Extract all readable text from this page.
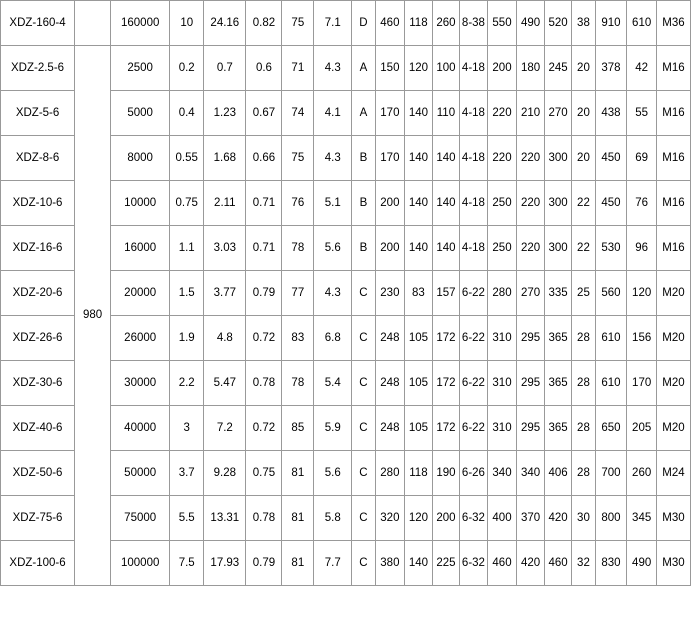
XDZ-160-4		160000	10	24.16	0.82	75	7.1	D	460	118	260	8-38	550	490	520	38	910	610	M36
XDZ-2.5-6	980	2500	0.2	0.7	0.6	71	4.3	A	150	120	100	4-18	200	180	245	20	378	42	M16
XDZ-5-6		5000	0.4	1.23	0.67	74	4.1	A	170	140	110	4-18	220	210	270	20	438	55	M16
XDZ-8-6		8000	0.55	1.68	0.66	75	4.3	B	170	140	140	4-18	220	220	300	20	450	69	M16
XDZ-10-6		10000	0.75	2.11	0.71	76	5.1	B	200	140	140	4-18	250	220	300	22	450	76	M16
XDZ-16-6		16000	1.1	3.03	0.71	78	5.6	B	200	140	140	4-18	250	220	300	22	530	96	M16
XDZ-20-6		20000	1.5	3.77	0.79	77	4.3	C	230	83	157	6-22	280	270	335	25	560	120	M20
XDZ-26-6		26000	1.9	4.8	0.72	83	6.8	C	248	105	172	6-22	310	295	365	28	610	156	M20
XDZ-30-6		30000	2.2	5.47	0.78	78	5.4	C	248	105	172	6-22	310	295	365	28	610	170	M20
XDZ-40-6		40000	3	7.2	0.72	85	5.9	C	248	105	172	6-22	310	295	365	28	650	205	M20
XDZ-50-6		50000	3.7	9.28	0.75	81	5.6	C	280	118	190	6-26	340	340	406	28	700	260	M24
XDZ-75-6		75000	5.5	13.31	0.78	81	5.8	C	320	120	200	6-32	400	370	420	30	800	345	M30
XDZ-100-6		100000	7.5	17.93	0.79	81	7.7	C	380	140	225	6-32	460	420	460	32	830	490	M30
